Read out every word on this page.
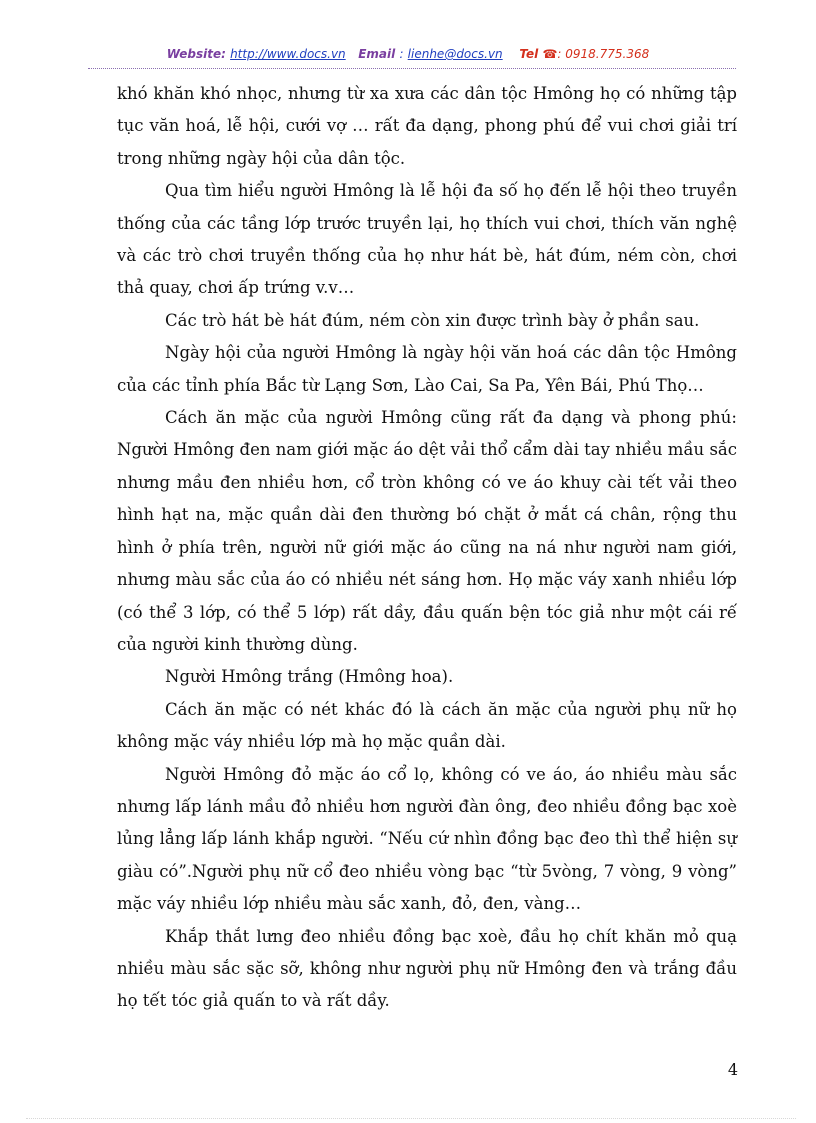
Website: http://www.docs.vn Email : lienhe@docs.vn Tel ☎: 0918.775.368

khó khăn khó nhọc, nhưng từ xa xưa các dân tộc Hmông họ có những tập tục văn hoá, lễ hội, cưới vợ … rất đa dạng, phong phú để vui chơi giải trí trong những ngày hội của dân tộc.

Qua tìm hiểu người Hmông là lễ hội đa số họ đến lễ hội theo truyền thống của các tầng lớp trước truyền lại, họ thích vui chơi, thích văn nghệ và các trò chơi truyền thống của họ như hát bè, hát đúm, ném còn, chơi thả quay, chơi ấp trứng v.v…

Các trò hát bè hát đúm, ném còn xin được trình bày ở phần sau.

Ngày hội của người Hmông là ngày hội văn hoá các dân tộc Hmông của các tỉnh phía Bắc từ Lạng Sơn, Lào Cai, Sa Pa, Yên Bái, Phú Thọ…

Cách ăn mặc của người Hmông cũng rất đa dạng và phong phú: Người Hmông đen nam giới mặc áo dệt vải thổ cẩm dài tay nhiều mầu sắc nhưng mầu đen nhiều hơn, cổ tròn không có ve áo khuy cài tết vải theo hình hạt na, mặc quần dài đen thường bó chặt ở mắt cá chân, rộng thu hình ở phía trên, người nữ giới mặc áo cũng na ná như người nam giới, nhưng màu sắc của áo có nhiều nét sáng hơn. Họ mặc váy xanh nhiều lớp (có thể 3 lớp, có thể 5 lớp) rất dầy, đầu quấn bện tóc giả như một cái rế của người kinh thường dùng.

Người Hmông trắng (Hmông hoa).

Cách ăn mặc có nét khác đó là cách ăn mặc của người phụ nữ họ không mặc váy nhiều lớp mà họ mặc quần dài.

Người Hmông đỏ mặc áo cổ lọ, không có ve áo, áo nhiều màu sắc nhưng lấp lánh mầu đỏ nhiều hơn người đàn ông, đeo nhiều đồng bạc xoè lủng lẳng lấp lánh khắp người. “Nếu cứ nhìn đồng bạc đeo thì thể hiện sự giàu có”.Người phụ nữ cổ đeo nhiều vòng bạc “từ 5vòng, 7 vòng, 9 vòng” mặc váy nhiều lớp nhiều màu sắc xanh, đỏ, đen, vàng…

Khắp thắt lưng đeo nhiều đồng bạc xoè, đầu họ chít khăn mỏ quạ nhiều màu sắc sặc sỡ, không như người phụ nữ Hmông đen và trắng đầu họ tết tóc giả quấn to và rất dầy.

4
